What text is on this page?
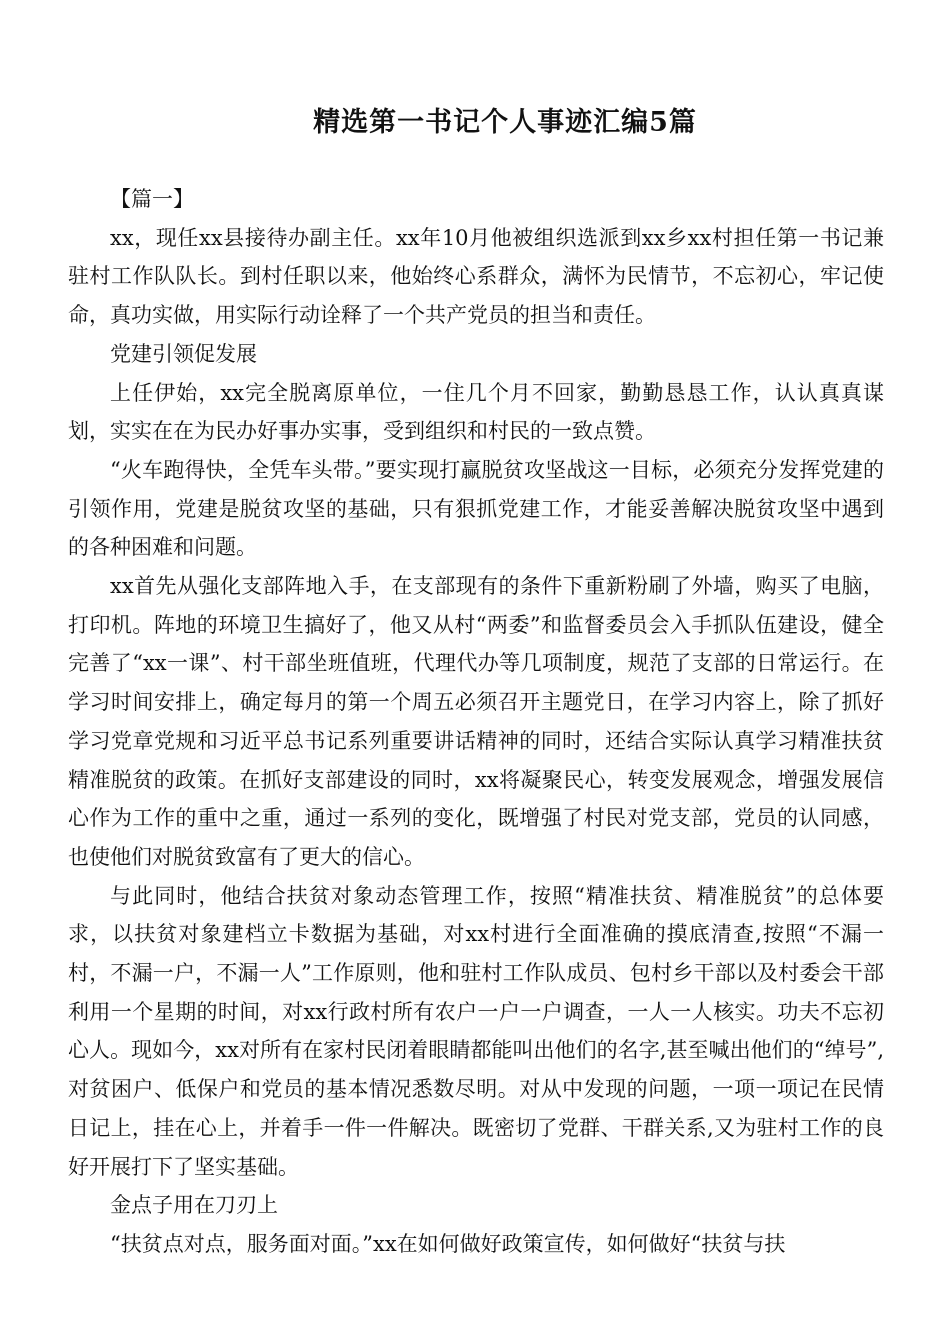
精选第一书记个人事迹汇编5篇

【篇一】

xx，现任xx县接待办副主任。xx年10月他被组织选派到xx乡xx村担任第一书记兼驻村工作队队长。到村任职以来，他始终心系群众，满怀为民情节，不忘初心，牢记使命，真功实做，用实际行动诠释了一个共产党员的担当和责任。

党建引领促发展

上任伊始，xx完全脱离原单位，一住几个月不回家，勤勤恳恳工作，认认真真谋划，实实在在为民办好事办实事，受到组织和村民的一致点赞。

“火车跑得快，全凭车头带。”要实现打赢脱贫攻坚战这一目标，必须充分发挥党建的引领作用，党建是脱贫攻坚的基础，只有狠抓党建工作，才能妥善解决脱贫攻坚中遇到的各种困难和问题。

xx首先从强化支部阵地入手，在支部现有的条件下重新粉刷了外墙，购买了电脑，打印机。阵地的环境卫生搞好了，他又从村“两委”和监督委员会入手抓队伍建设，健全完善了“xx一课”、村干部坐班值班，代理代办等几项制度，规范了支部的日常运行。在学习时间安排上，确定每月的第一个周五必须召开主题党日，在学习内容上，除了抓好学习党章党规和习近平总书记系列重要讲话精神的同时，还结合实际认真学习精准扶贫精准脱贫的政策。在抓好支部建设的同时，xx将凝聚民心，转变发展观念，增强发展信心作为工作的重中之重，通过一系列的变化，既增强了村民对党支部，党员的认同感，也使他们对脱贫致富有了更大的信心。

与此同时，他结合扶贫对象动态管理工作，按照“精准扶贫、精准脱贫”的总体要求，以扶贫对象建档立卡数据为基础，对xx村进行全面准确的摸底清查,按照“不漏一村，不漏一户，不漏一人”工作原则，他和驻村工作队成员、包村乡干部以及村委会干部利用一个星期的时间，对xx行政村所有农户一户一户调查，一人一人核实。功夫不忘初心人。现如今，xx对所有在家村民闭着眼睛都能叫出他们的名字,甚至喊出他们的“绰号”,对贫困户、低保户和党员的基本情况悉数尽明。对从中发现的问题，一项一项记在民情日记上，挂在心上，并着手一件一件解决。既密切了党群、干群关系,又为驻村工作的良好开展打下了坚实基础。

金点子用在刀刃上

“扶贫点对点，服务面对面。”xx在如何做好政策宣传，如何做好“扶贫与扶
